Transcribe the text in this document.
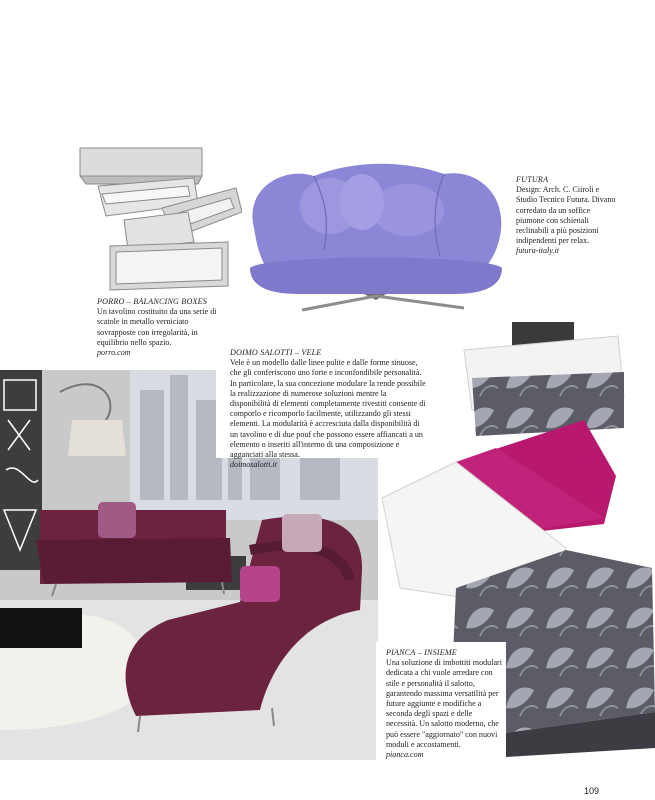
PORRO – BALANCING BOXES

Un tavolino costituito da una serie di scatole in metallo verniciato sovrapposte con irregolarità, in equilibrio nello spazio.

porro.com

FUTURA

Design: Arch. C. Ciiroli e Studio Tecnico Futura. Divano corredato da un soffice piumone con schienali reclinabili a più posizioni indipendenti per relax.

futura-italy.it

DOIMO SALOTTI – VELE

Vele è un modello dalle linee pulite e dalle forme sinuose, che gli conferiscono uno forte e inconfondibile personalità. In particolare, la sua concezione modulare la rende possibile la realizzazione di numerose soluzioni mentre la disponibilità di elementi completamente rivestiti consente di comporlo e ricomporlo facilmente, utilizzando gli stessi elementi. La modularità è accresciuta dalla disponibilità di un tavolino e di due pouf che possono essere affiancati a un elemento o inseriti all'interno di una composizione e agganciati alla stessa.

doimosalotti.it

PIANCA – INSIEME

Una soluzione di imbottiti modulari dedicata a chi vuole arredare con stile e personalità il salotto, garantendo massima versatilità per future aggiunte e modifiche a seconda degli spazi e delle necessità. Un salotto moderno, che può essere "aggiornato" con nuovi moduli e accostamenti.

pianca.com

109
